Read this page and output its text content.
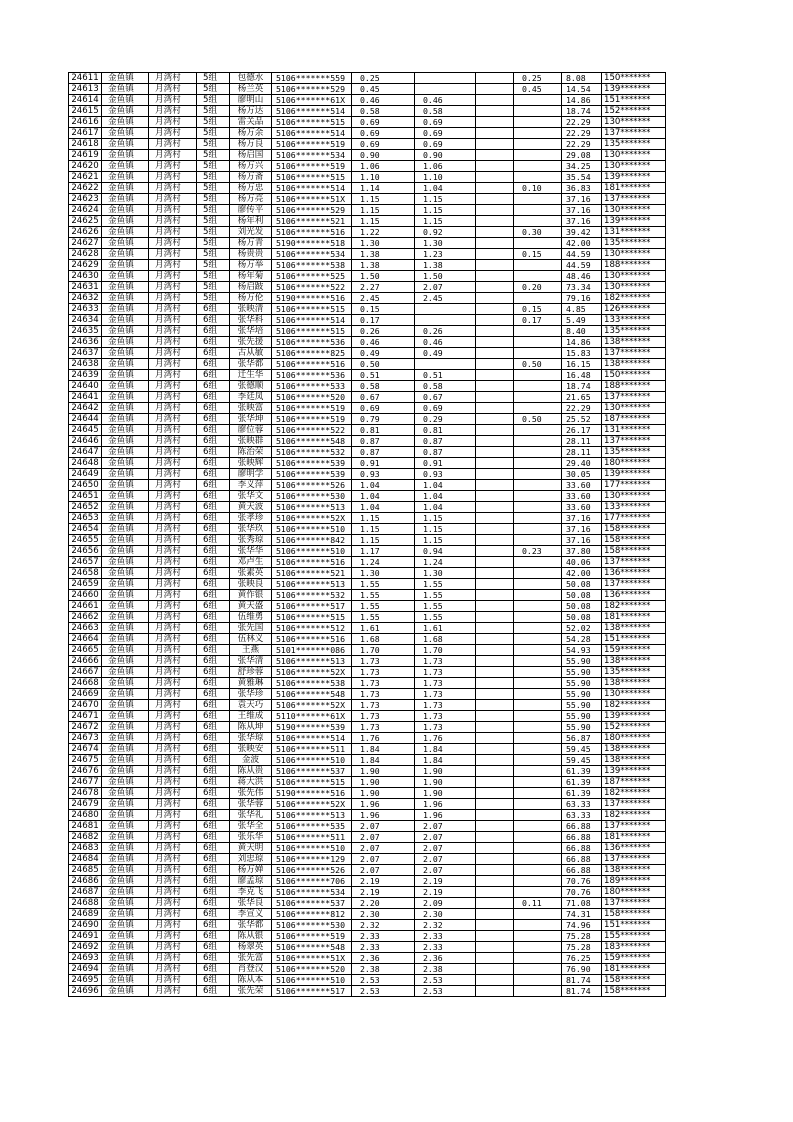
24611	金鱼镇	月湾村	5组	包德水	5106*******559	0.25			0.25	8.08	150*******
24613	金鱼镇	月湾村	5组	杨兰英	5106*******529	0.45			0.45	14.54	139*******
24614	金鱼镇	月湾村	5组	廖明山	5106*******61X	0.46	0.46			14.86	151*******
24615	金鱼镇	月湾村	5组	杨万达	5106*******514	0.58	0.58			18.74	152*******
24616	金鱼镇	月湾村	5组	雷关品	5106*******515	0.69	0.69			22.29	130*******
24617	金鱼镇	月湾村	5组	杨万余	5106*******514	0.69	0.69			22.29	137*******
24618	金鱼镇	月湾村	5组	杨万良	5106*******519	0.69	0.69			22.29	135*******
24619	金鱼镇	月湾村	5组	杨启国	5106*******534	0.90	0.90			29.08	130*******
24620	金鱼镇	月湾村	5组	杨万兴	5106*******519	1.06	1.06			34.25	130*******
24621	金鱼镇	月湾村	5组	杨万斋	5106*******515	1.10	1.10			35.54	139*******
24622	金鱼镇	月湾村	5组	杨万忠	5106*******514	1.14	1.04		0.10	36.83	181*******
24623	金鱼镇	月湾村	5组	杨万亮	5106*******51X	1.15	1.15			37.16	137*******
24624	金鱼镇	月湾村	5组	廖传平	5106*******529	1.15	1.15			37.16	130*******
24625	金鱼镇	月湾村	5组	杨年利	5106*******521	1.15	1.15			37.16	139*******
24626	金鱼镇	月湾村	5组	刘光发	5106*******516	1.22	0.92		0.30	39.42	131*******
24627	金鱼镇	月湾村	5组	杨万青	5190*******518	1.30	1.30			42.00	135*******
24628	金鱼镇	月湾村	5组	杨贵贵	5106*******534	1.38	1.23		0.15	44.59	130*******
24629	金鱼镇	月湾村	5组	杨万举	5106*******538	1.38	1.38			44.59	188*******
24630	金鱼镇	月湾村	5组	杨年菊	5106*******525	1.50	1.50			48.46	130*******
24631	金鱼镇	月湾村	5组	杨启跛	5106*******522	2.27	2.07		0.20	73.34	130*******
24632	金鱼镇	月湾村	5组	杨万伦	5190*******516	2.45	2.45			79.16	182*******
24633	金鱼镇	月湾村	6组	张映清	5106*******515	0.15			0.15	4.85	126*******
24634	金鱼镇	月湾村	6组	张华科	5106*******514	0.17			0.17	5.49	133*******
24635	金鱼镇	月湾村	6组	张华培	5106*******515	0.26	0.26			8.40	135*******
24636	金鱼镇	月湾村	6组	张先援	5106*******536	0.46	0.46			14.86	138*******
24637	金鱼镇	月湾村	6组	古从敏	5106*******825	0.49	0.49			15.83	137*******
24638	金鱼镇	月湾村	6组	张华都	5106*******516	0.50			0.50	16.15	138*******
24639	金鱼镇	月湾村	6组	迁生华	5106*******536	0.51	0.51			16.48	150*******
24640	金鱼镇	月湾村	6组	张德顺	5106*******533	0.58	0.58			18.74	188*******
24641	金鱼镇	月湾村	6组	李廷凤	5106*******520	0.67	0.67			21.65	137*******
24642	金鱼镇	月湾村	6组	张映富	5106*******519	0.69	0.69			22.29	130*******
24644	金鱼镇	月湾村	6组	张华坤	5106*******519	0.79	0.29		0.50	25.52	187*******
24645	金鱼镇	月湾村	6组	廖位蓉	5106*******522	0.81	0.81			26.17	131*******
24646	金鱼镇	月湾村	6组	张映群	5106*******548	0.87	0.87			28.11	137*******
24647	金鱼镇	月湾村	6组	陈治荣	5106*******532	0.87	0.87			28.11	135*******
24648	金鱼镇	月湾村	6组	张映辉	5106*******539	0.91	0.91			29.40	180*******
24649	金鱼镇	月湾村	6组	廖明学	5106*******539	0.93	0.93			30.05	139*******
24650	金鱼镇	月湾村	6组	李义萍	5106*******526	1.04	1.04			33.60	177*******
24651	金鱼镇	月湾村	6组	张华文	5106*******530	1.04	1.04			33.60	130*******
24652	金鱼镇	月湾村	6组	黄天波	5106*******513	1.04	1.04			33.60	133*******
24653	金鱼镇	月湾村	6组	张孝珍	5106*******52X	1.15	1.15			37.16	177*******
24654	金鱼镇	月湾村	6组	张华玖	5106*******510	1.15	1.15			37.16	158*******
24655	金鱼镇	月湾村	6组	张秀琼	5106*******842	1.15	1.15			37.16	158*******
24656	金鱼镇	月湾村	6组	张华华	5106*******510	1.17	0.94		0.23	37.80	158*******
24657	金鱼镇	月湾村	6组	邓卢生	5106*******516	1.24	1.24			40.06	137*******
24658	金鱼镇	月湾村	6组	张素英	5106*******521	1.30	1.30			42.00	136*******
24659	金鱼镇	月湾村	6组	张映良	5106*******513	1.55	1.55			50.08	137*******
24660	金鱼镇	月湾村	6组	黄作银	5106*******532	1.55	1.55			50.08	136*******
24661	金鱼镇	月湾村	6组	黄天盛	5106*******517	1.55	1.55			50.08	182*******
24662	金鱼镇	月湾村	6组	伍维勇	5106*******515	1.55	1.55			50.08	181*******
24663	金鱼镇	月湾村	6组	张先国	5106*******512	1.61	1.61			52.02	138*******
24664	金鱼镇	月湾村	6组	伍林义	5106*******516	1.68	1.68			54.28	151*******
24665	金鱼镇	月湾村	6组	王燕	5101*******086	1.70	1.70			54.93	159*******
24666	金鱼镇	月湾村	6组	张华清	5106*******513	1.73	1.73			55.90	138*******
24667	金鱼镇	月湾村	6组	舒珍蓉	5106*******52X	1.73	1.73			55.90	135*******
24668	金鱼镇	月湾村	6组	黄雅琳	5106*******538	1.73	1.73			55.90	138*******
24669	金鱼镇	月湾村	6组	张华珍	5106*******548	1.73	1.73			55.90	130*******
24670	金鱼镇	月湾村	6组	袁天巧	5106*******52X	1.73	1.73			55.90	182*******
24671	金鱼镇	月湾村	6组	王维成	5110*******61X	1.73	1.73			55.90	139*******
24672	金鱼镇	月湾村	6组	陈从坤	5190*******539	1.73	1.73			55.90	152*******
24673	金鱼镇	月湾村	6组	张华琼	5106*******514	1.76	1.76			56.87	180*******
24674	金鱼镇	月湾村	6组	张映安	5106*******511	1.84	1.84			59.45	138*******
24675	金鱼镇	月湾村	6组	金波	5106*******510	1.84	1.84			59.45	138*******
24676	金鱼镇	月湾村	6组	陈从贵	5106*******537	1.90	1.90			61.39	139*******
24677	金鱼镇	月湾村	6组	蒋大洪	5106*******515	1.90	1.90			61.39	187*******
24678	金鱼镇	月湾村	6组	张先伟	5190*******516	1.90	1.90			61.39	182*******
24679	金鱼镇	月湾村	6组	张华蓉	5106*******52X	1.96	1.96			63.33	137*******
24680	金鱼镇	月湾村	6组	张华礼	5106*******513	1.96	1.96			63.33	182*******
24681	金鱼镇	月湾村	6组	张华全	5106*******535	2.07	2.07			66.88	137*******
24682	金鱼镇	月湾村	6组	张乐华	5106*******511	2.07	2.07			66.88	181*******
24683	金鱼镇	月湾村	6组	黄天明	5106*******510	2.07	2.07			66.88	136*******
24684	金鱼镇	月湾村	6组	刘忠琼	5106*******129	2.07	2.07			66.88	137*******
24685	金鱼镇	月湾村	6组	杨万婵	5106*******526	2.07	2.07			66.88	138*******
24686	金鱼镇	月湾村	6组	廖孟琼	5106*******706	2.19	2.19			70.76	189*******
24687	金鱼镇	月湾村	6组	李克飞	5106*******534	2.19	2.19			70.76	180*******
24688	金鱼镇	月湾村	6组	张华良	5106*******537	2.20	2.09		0.11	71.08	137*******
24689	金鱼镇	月湾村	6组	李宣义	5106*******812	2.30	2.30			74.31	158*******
24690	金鱼镇	月湾村	6组	张华都	5106*******530	2.32	2.32			74.96	151*******
24691	金鱼镇	月湾村	6组	陈从银	5106*******519	2.33	2.33			75.28	155*******
24692	金鱼镇	月湾村	6组	杨翠英	5106*******548	2.33	2.33			75.28	183*******
24693	金鱼镇	月湾村	6组	张先富	5106*******51X	2.36	2.36			76.25	159*******
24694	金鱼镇	月湾村	6组	肖登汉	5106*******520	2.38	2.38			76.90	181*******
24695	金鱼镇	月湾村	6组	陈从本	5106*******510	2.53	2.53			81.74	158*******
24696	金鱼镇	月湾村	6组	张先荣	5106*******517	2.53	2.53			81.74	158*******
